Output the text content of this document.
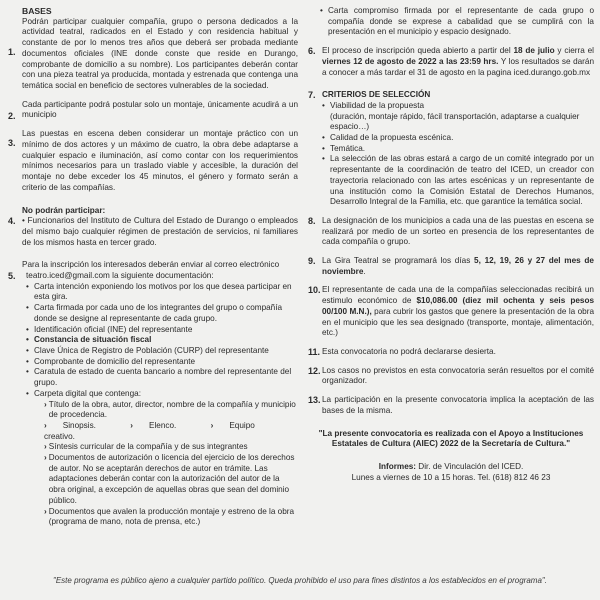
BASES
1.
Podrán participar cualquier compañía, grupo o persona dedicados a la actividad teatral, radicados en el Estado y con residencia habitual y constante de por lo menos tres años que deberá ser probada mediante documentos oficiales (INE donde conste que reside en Durango, comprobante de domicilio a su nombre). Los participantes deberán contar con una pieza teatral ya producida, montada y estrenada que contenga una temática social en beneficio de sectores vulnerables de la sociedad.
2.
Cada participante podrá postular solo un montaje, únicamente acudirá a un municipio
3.
Las puestas en escena deben considerar un montaje práctico con un mínimo de dos actores y un máximo de cuatro, la obra debe adaptarse a cualquier espacio e iluminación, así como contar con los requerimientos mínimos necesarios para un traslado viable y accesible, la duración del montaje no debe exceder los 45 minutos, el género y formato serán a criterio de las compañías.
No podrán participar:
4. • Funcionarios del Instituto de Cultura del Estado de Durango o empleados del mismo bajo cualquier régimen de prestación de servicios, ni familiares de los mismos hasta en tercer grado.
Para la inscripción los interesados deberán enviar al correo electrónico
5.	teatro.iced@gmail.com la siguiente documentación:
• Carta intención exponiendo los motivos por los que desea participar en esta gira.
• Carta firmada por cada uno de los integrantes del grupo o compañía donde se designe al representante de cada grupo.
• Identificación oficial (INE) del representante
• Constancia de situación fiscal
• Clave Única de Registro de Población (CURP) del representante
• Comprobante de domicilio del representante
• Caratula de estado de cuenta bancario a nombre del representante del grupo.
• Carpeta digital que contenga:
› Título de la obra, autor, director, nombre de la compañía y municipio de procedencia.
› Sinopsis.	› Elenco.	› Equipo creativo.
› Síntesis curricular de la compañía y de sus integrantes
› Documentos de autorización o licencia del ejercicio de los derechos de autor. No se aceptarán derechos de autor en trámite. Las adaptaciones deberán contar con la autorización del autor de la obra original, a excepción de aquellas obras que sean del dominio público.
› Documentos que avalen la producción montaje y estreno de la obra (programa de mano, nota de prensa, etc.)
• Carta compromiso firmada por el representante de cada grupo o compañía donde se exprese a cabalidad que se cumplirá con la presentación en el municipio y espacio designado.
6. El proceso de inscripción queda abierto a partir del 18 de julio y cierra el viernes 12 de agosto de 2022 a las 23:59 hrs. Y los resultados se darán a conocer a más tardar el 31 de agosto en la pagina iced.durango.gob.mx
7. CRITERIOS DE SELECCIÓN
• Viabilidad de la propuesta
(duración, montaje rápido, fácil transportación, adaptarse a cualquier espacio…)
• Calidad de la propuesta escénica.
• Temática.
• La selección de las obras estará a cargo de un comité integrado por un representante de la coordinación de teatro del ICED, un creador con trayectoria relacionado con las artes escénicas y un representante de una institución como la Comisión Estatal de Derechos Humanos, Desarrollo Integral de la Familia, etc. que garantice la temática social.
8. La designación de los municipios a cada una de las puestas en escena se realizará por medio de un sorteo en presencia de los representantes de cada compañía o grupo.
9. La Gira Teatral se programará los días 5, 12, 19, 26 y 27 del mes de noviembre.
10. El representante de cada una de la compañías seleccionadas recibirá un estimulo económico de $10,086.00 (diez mil ochenta y seis pesos 00/100 M.N.), para cubrir los gastos que genere la presentación de la obra en el municipio que les sea designado (transporte, montaje, alimentación, etc.)
11. Esta convocatoria no podrá declararse desierta.
12. Los casos no previstos en esta convocatoria serán resueltos por el comité organizador.
13. La participación en la presente convocatoria implica la aceptación de las bases de la misma.
"La presente convocatoria es realizada con el Apoyo a Instituciones
Estatales de Cultura (AIEC) 2022 de la Secretaría de Cultura."
Informes: Dir. de Vinculación del ICED.
Lunes a viernes de 10 a 15 horas. Tel. (618) 812 46 23
"Este programa es público ajeno a cualquier partido político. Queda prohibido el uso para fines distintos a los establecidos en el programa".
